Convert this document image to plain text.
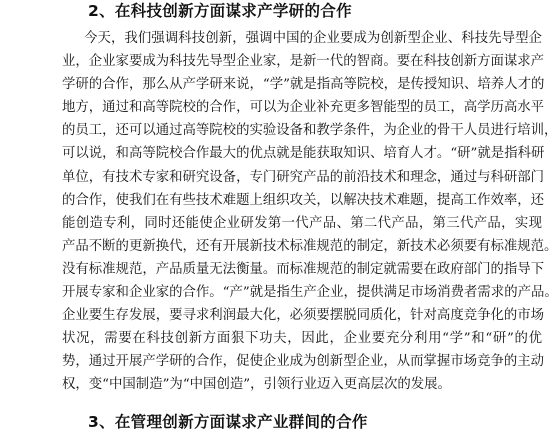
2、在科技创新方面谋求产学研的合作
今天，我们强调科技创新，强调中国的企业要成为创新型企业、科技先导型企
业，企业家要成为科技先导型企业家，是新一代的智商。要在科技创新方面谋求产
学研的合作，那么从产学研来说，“学”就是指高等院校，是传授知识、培养人才的
地方，通过和高等院校的合作，可以为企业补充更多智能型的员工，高学历高水平
的员工，还可以通过高等院校的实验设备和教学条件，为企业的骨干人员进行培训，
可以说，和高等院校合作最大的优点就是能获取知识、培育人才。“研”就是指科研
单位，有技术专家和研究设备，专门研究产品的前沿技术和理念，通过与科研部门
的合作，使我们在有些技术难题上组织攻关，以解决技术难题，提高工作效率，还
能创造专利，同时还能使企业研发第一代产品、第二代产品，第三代产品，实现
产品不断的更新换代，还有开展新技术标准规范的制定，新技术必须要有标准规范。
没有标准规范，产品质量无法衡量。而标准规范的制定就需要在政府部门的指导下
开展专家和企业家的合作。“产”就是指生产企业，提供满足市场消费者需求的产品。
企业要生存发展，要寻求利润最大化，必须要摆脱同质化，针对高度竞争化的市场
状况，需要在科技创新方面狠下功夫，因此，企业要充分利用“学”和“研”的优
势，通过开展产学研的合作，促使企业成为创新型企业，从而掌握市场竞争的主动
权，变“中国制造”为“中国创造”，引领行业迈入更高层次的发展。
3、在管理创新方面谋求产业群间的合作
